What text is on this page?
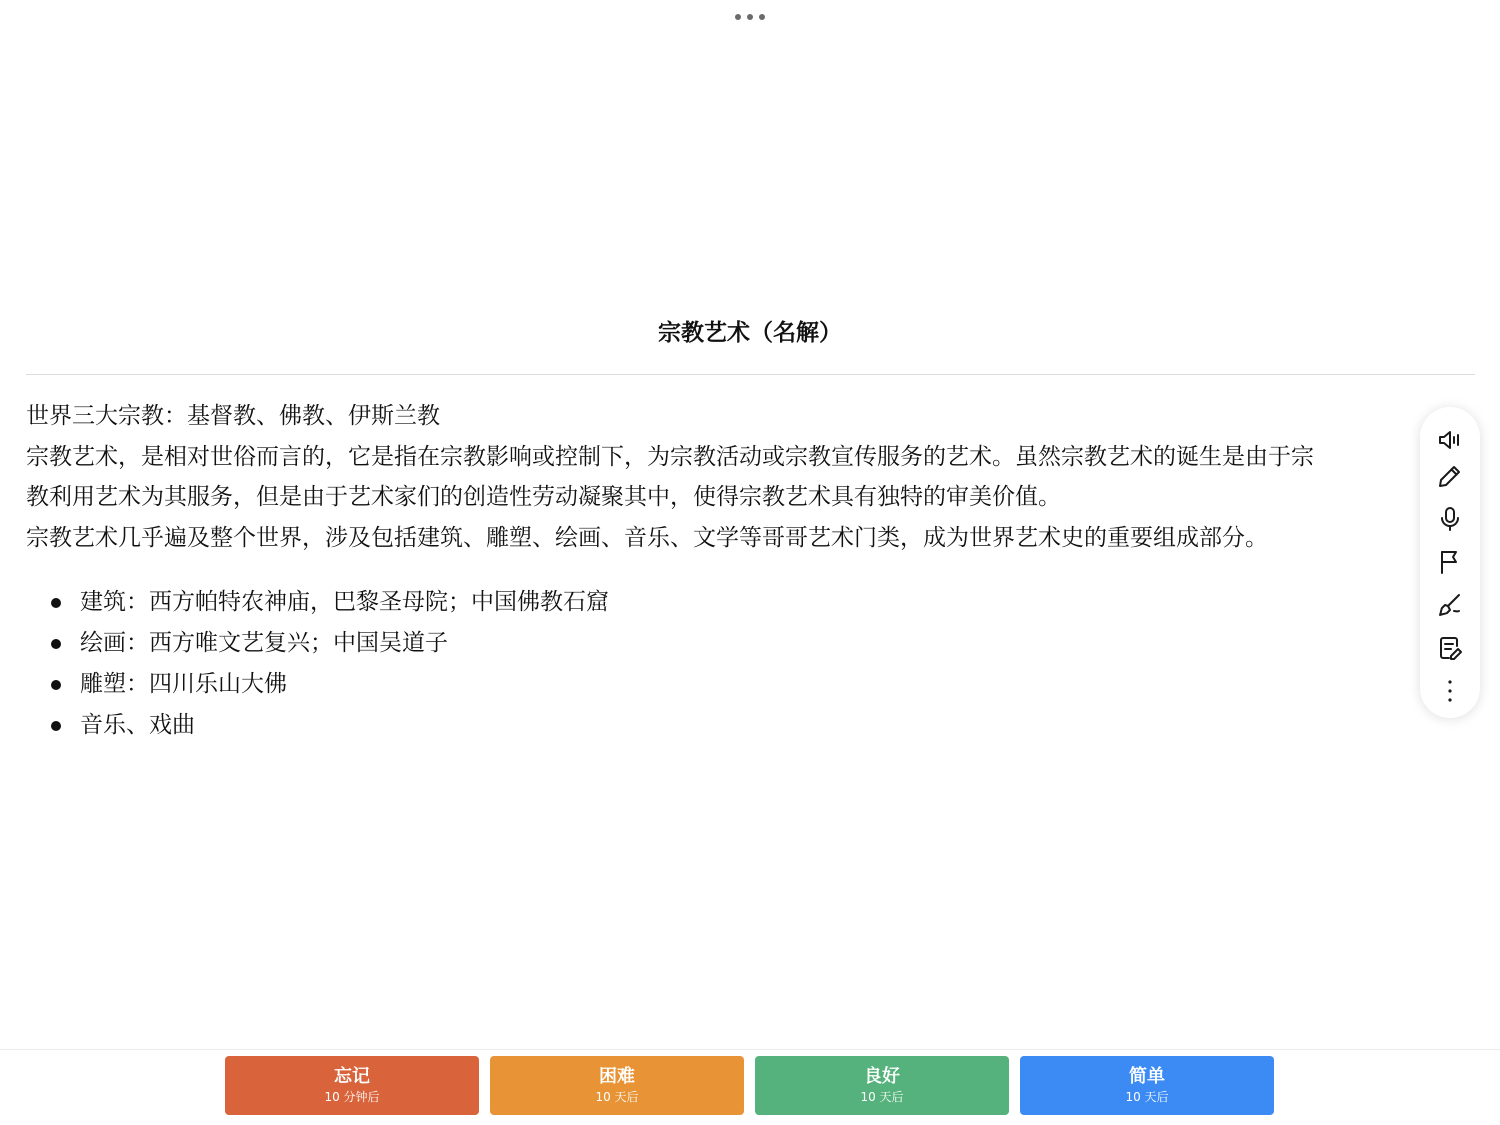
宗教艺术（名解）

世界三大宗教：基督教、佛教、伊斯兰教

宗教艺术，是相对世俗而言的，它是指在宗教影响或控制下，为宗教活动或宗教宣传服务的艺术。虽然宗教艺术的诞生是由于宗

教利用艺术为其服务，但是由于艺术家们的创造性劳动凝聚其中，使得宗教艺术具有独特的审美价值。

宗教艺术几乎遍及整个世界，涉及包括建筑、雕塑、绘画、音乐、文学等哥哥艺术门类，成为世界艺术史的重要组成部分。

建筑：西方帕特农神庙，巴黎圣母院；中国佛教石窟
绘画：西方唯文艺复兴；中国吴道子
雕塑：四川乐山大佛
音乐、戏曲
忘记
10 分钟后
困难
10 天后
良好
10 天后
简单
10 天后
